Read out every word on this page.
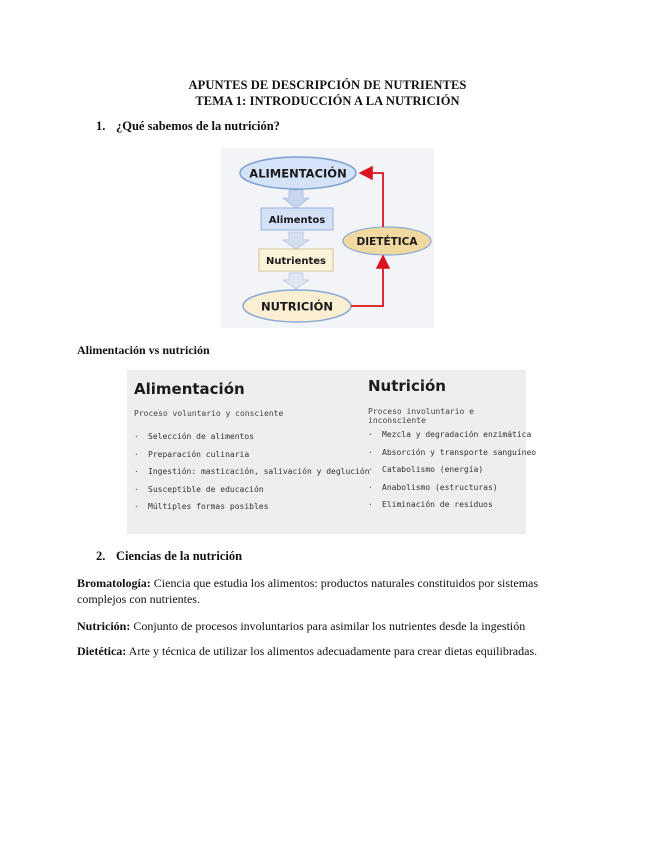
APUNTES DE DESCRIPCIÓN DE NUTRIENTES
TEMA 1: INTRODUCCIÓN A LA NUTRICIÓN
1. ¿Qué sabemos de la nutrición?
ALIMENTACIÓN
Alimentos
Nutrientes
NUTRICIÓN
DIETÉTICA
Alimentación vs nutrición
Alimentación
Proceso voluntario y consciente
· Selección de alimentos
· Preparación culinaria
· Ingestión: masticación, salivación y deglución
· Susceptible de educación
· Múltiples formas posibles
Nutrición
Proceso involuntario e inconsciente
· Mezcla y degradación enzimática
· Absorción y transporte sanguíneo
· Catabolismo (energía)
· Anabolismo (estructuras)
· Eliminación de residuos
2. Ciencias de la nutrición
Bromatología: Ciencia que estudia los alimentos: productos naturales constituidos por sistemas complejos con nutrientes.
Nutrición: Conjunto de procesos involuntarios para asimilar los nutrientes desde la ingestión
Dietética: Arte y técnica de utilizar los alimentos adecuadamente para crear dietas equilibradas.
